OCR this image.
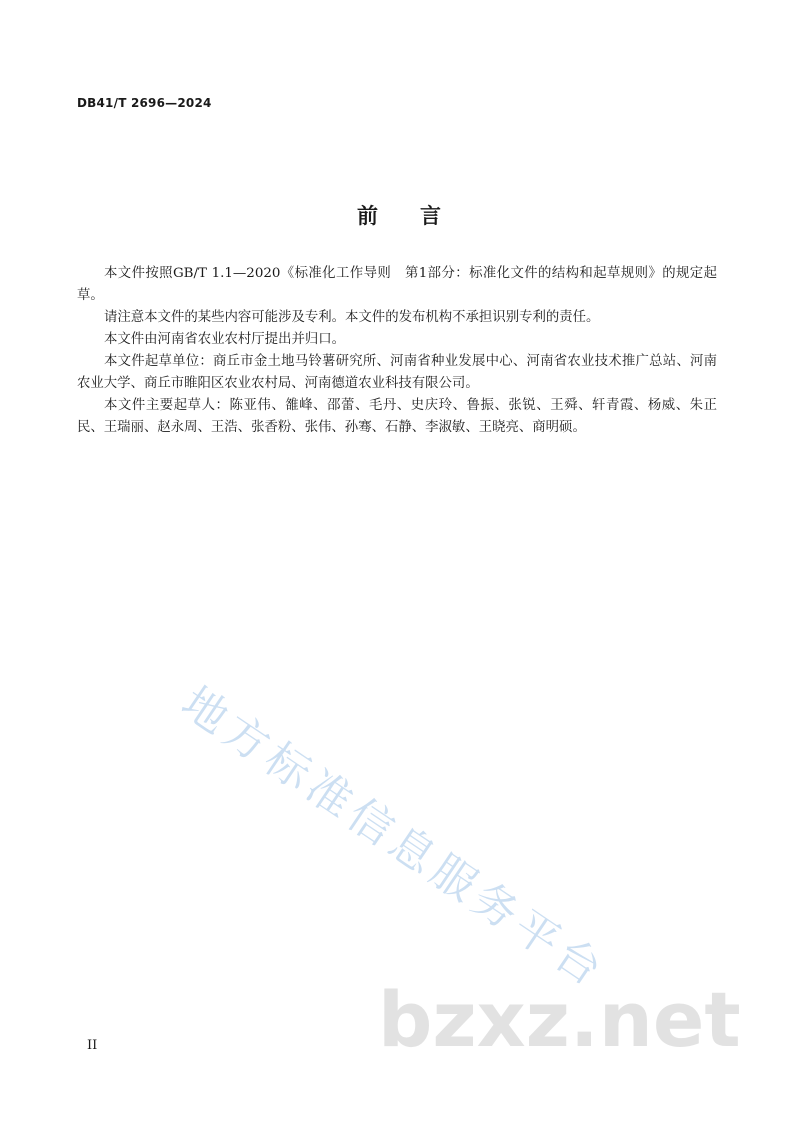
DB41/T 2696—2024
前 言

本文件按照GB/T 1.1—2020《标准化工作导则　第1部分：标准化文件的结构和起草规则》的规定起草。

请注意本文件的某些内容可能涉及专利。本文件的发布机构不承担识别专利的责任。

本文件由河南省农业农村厅提出并归口。

本文件起草单位：商丘市金土地马铃薯研究所、河南省种业发展中心、河南省农业技术推广总站、河南农业大学、商丘市睢阳区农业农村局、河南德道农业科技有限公司。

本文件主要起草人：陈亚伟、雒峰、邵蕾、毛丹、史庆玲、鲁振、张锐、王舜、轩青霞、杨威、朱正民、王瑞丽、赵永周、王浩、张香粉、张伟、孙骞、石静、李淑敏、王晓亮、商明硕。

地方标准信息服务平台
bzxz.net
II
